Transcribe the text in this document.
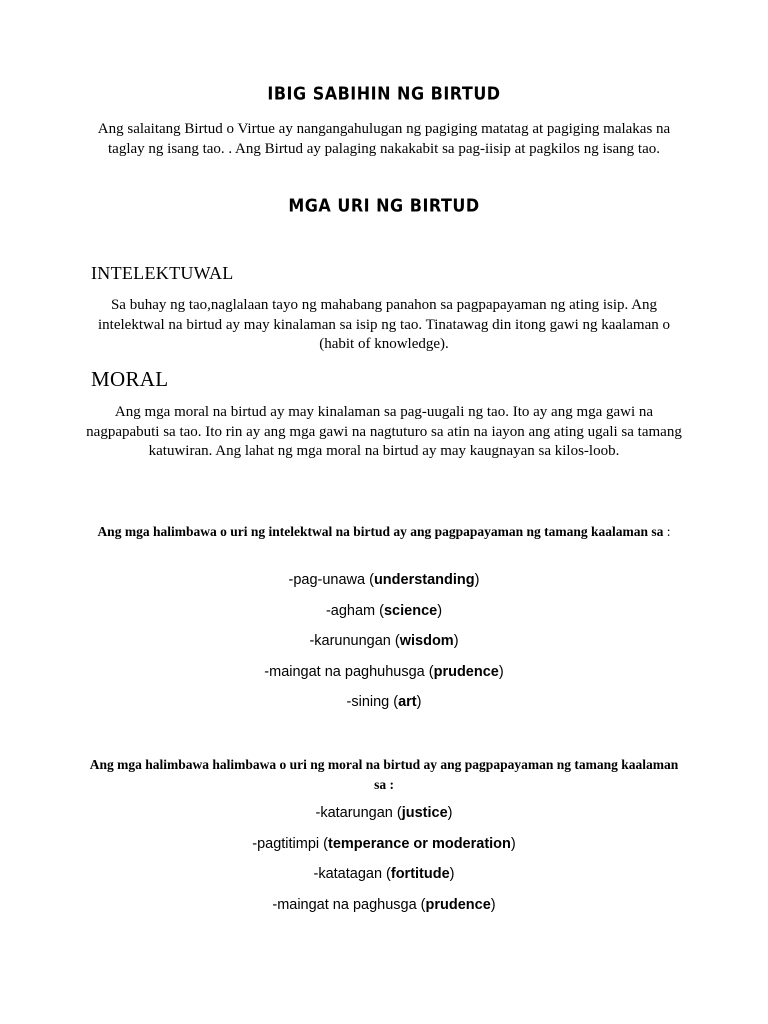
IBIG SABIHIN NG BIRTUD
Ang salaitang Birtud o Virtue ay nangangahulugan ng pagiging matatag at pagiging malakas na taglay ng isang tao. . Ang Birtud ay palaging nakakabit sa pag-iisip at pagkilos ng isang tao.
MGA URI NG BIRTUD
INTELEKTUWAL
Sa buhay ng tao,naglalaan tayo ng mahabang panahon sa pagpapayaman ng ating isip. Ang intelektwal na birtud ay may kinalaman sa isip ng tao. Tinatawag din itong gawi ng kaalaman o (habit of knowledge).
MORAL
Ang mga moral na birtud ay may kinalaman sa pag-uugali ng tao. Ito ay ang mga gawi na nagpapabuti sa tao. Ito rin ay ang mga gawi na nagtuturo sa atin na iayon ang ating ugali sa tamang katuwiran. Ang lahat ng mga moral na birtud ay may kaugnayan sa kilos-loob.
Ang mga halimbawa o uri ng intelektwal na birtud ay ang pagpapayaman ng tamang kaalaman sa :
-pag-unawa (understanding)
-agham (science)
-karunungan (wisdom)
-maingat na paghuhusga (prudence)
-sining (art)
Ang mga halimbawa halimbawa o uri ng moral na birtud ay ang pagpapayaman ng tamang kaalaman sa :
-katarungan (justice)
-pagtitimpi (temperance or moderation)
-katatagan (fortitude)
-maingat na paghusga (prudence)
